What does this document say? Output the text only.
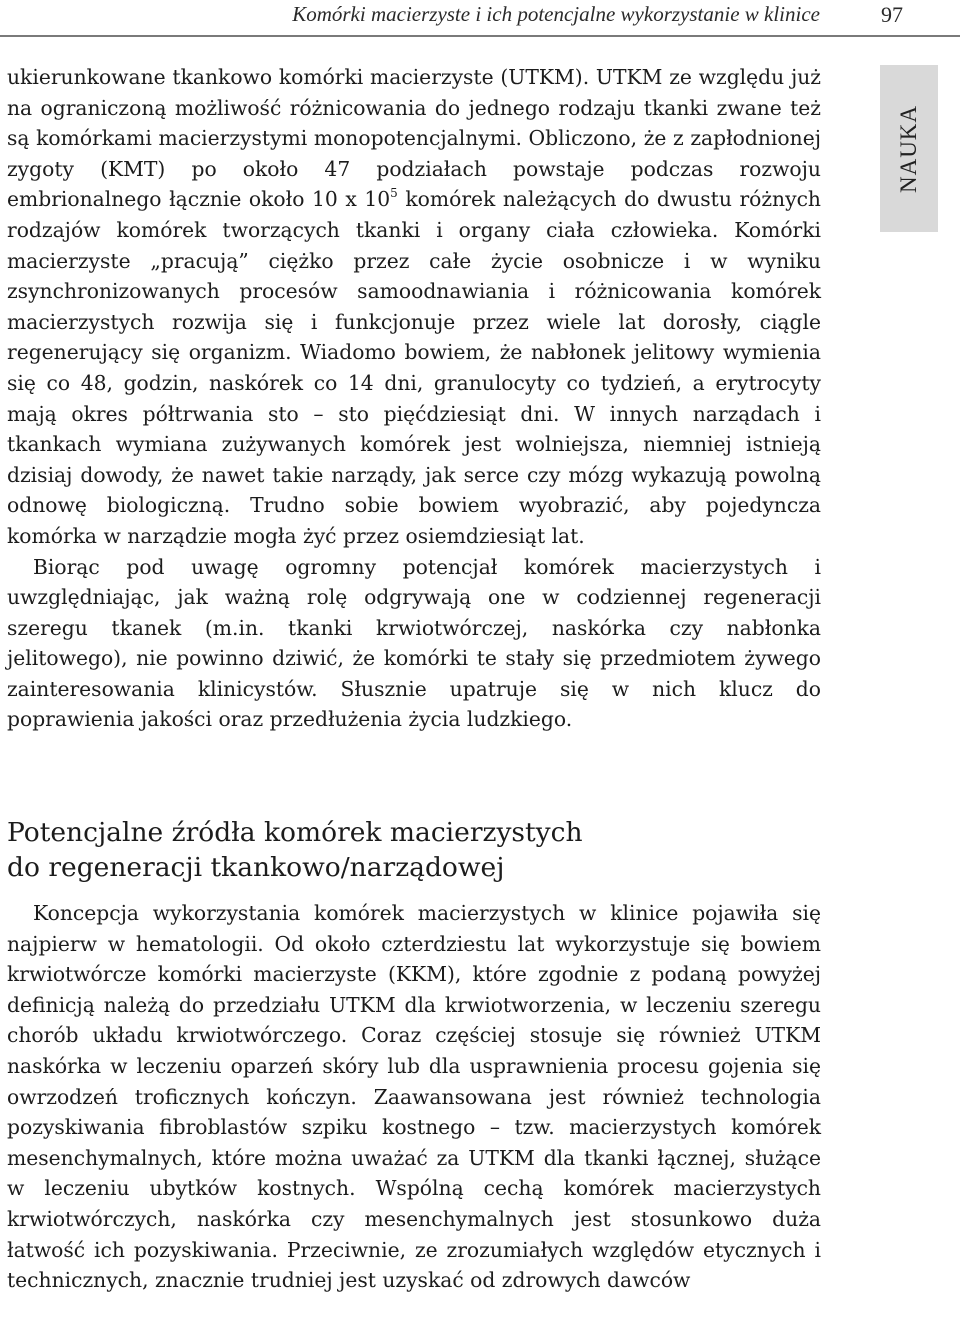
Komórki macierzyste i ich potencjalne wykorzystanie w klinice	97
NAUKA

ukierunkowane tkankowo komórki macierzyste (UTKM). UTKM ze względu już na ograniczoną możliwość różnicowania do jednego rodzaju tkanki zwane też są komórkami macierzystymi monopotencjalnymi. Obliczono, że z zapłodnionej zygoty (KMT) po około 47 podziałach powstaje podczas rozwoju embrionalnego łącznie około 10 x $10^5$ komórek należących do dwustu różnych rodzajów komórek tworzących tkanki i organy ciała człowieka. Komórki macierzyste „pracują” ciężko przez całe życie osobnicze i w wyniku zsynchronizowanych procesów samoodnawiania i różnicowania komórek macierzystych rozwija się i funkcjonuje przez wiele lat dorosły, ciągle regenerujący się organizm. Wiadomo bowiem, że nabłonek jelitowy wymienia się co 48, godzin, naskórek co 14 dni, granulocyty co tydzień, a erytrocyty mają okres półtrwania sto – sto pięćdziesiąt dni. W innych narządach i tkankach wymiana zużywanych komórek jest wolniejsza, niemniej istnieją dzisiaj dowody, że nawet takie narządy, jak serce czy mózg wykazują powolną odnowę biologiczną. Trudno sobie bowiem wyobrazić, aby pojedyncza komórka w narządzie mogła żyć przez osiemdziesiąt lat.

Biorąc pod uwagę ogromny potencjał komórek macierzystych i uwzględniając, jak ważną rolę odgrywają one w codziennej regeneracji szeregu tkanek (m.in. tkanki krwiotwórczej, naskórka czy nabłonka jelitowego), nie powinno dziwić, że komórki te stały się przedmiotem żywego zainteresowania klinicystów. Słusznie upatruje się w nich klucz do poprawienia jakości oraz przedłużenia życia ludzkiego.

Potencjalne źródła komórek macierzystych
do regeneracji tkankowo/narządowej

Koncepcja wykorzystania komórek macierzystych w klinice pojawiła się najpierw w hematologii. Od około czterdziestu lat wykorzystuje się bowiem krwiotwórcze komórki macierzyste (KKM), które zgodnie z podaną powyżej definicją należą do przedziału UTKM dla krwiotworzenia, w leczeniu szeregu chorób układu krwiotwórczego. Coraz częściej stosuje się również UTKM naskórka w leczeniu oparzeń skóry lub dla usprawnienia procesu gojenia się owrzodzeń troficznych kończyn. Zaawansowana jest również technologia pozyskiwania fibroblastów szpiku kostnego – tzw. macierzystych komórek mesenchymalnych, które można uważać za UTKM dla tkanki łącznej, służące w leczeniu ubytków kostnych. Wspólną cechą komórek macierzystych krwiotwórczych, naskórka czy mesenchymalnych jest stosunkowo duża łatwość ich pozyskiwania. Przeciwnie, ze zrozumiałych względów etycznych i technicznych, znacznie trudniej jest uzyskać od zdrowych dawców
